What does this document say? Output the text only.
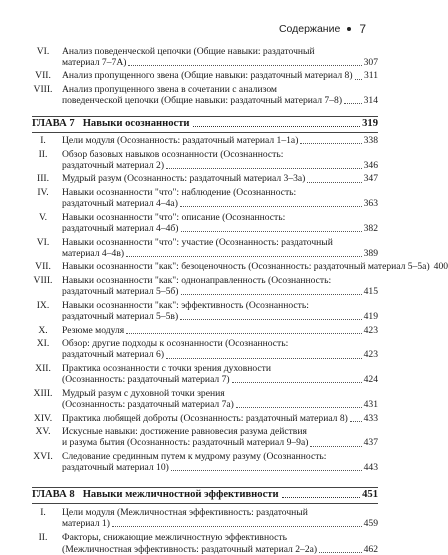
Содержание 7
VI.	Анализ поведенческой цепочки (Общие навыки: раздаточный
материал 7–7А)	307
VII.	Анализ пропущенного звена (Общие навыки: раздаточный материал 8) 311
VIII. Анализ пропущенного звена в сочетании с анализом
поведенческой цепочки (Общие навыки: раздаточный материал 7–8) 314
ГЛАВА 7 Навыки осознанности	319
I.	Цели модуля (Осознанность: раздаточный материал 1–1а)	338
II.	Обзор базовых навыков осознанности (Осознанность:
раздаточный материал 2)	346
III.	Мудрый разум (Осознанность: раздаточный материал 3–3а)	347
IV.	Навыки осознанности "что": наблюдение (Осознанность:
раздаточный материал 4–4а)	363
V.	Навыки осознанности "что": описание (Осознанность:
раздаточный материал 4–4б)	382
VI.	Навыки осознанности "что": участие (Осознанность: раздаточный
материал 4–4в)	389
VII.	Навыки осознанности "как": безоценочность (Осознанность: раздаточный материал 5–5а) 400
VIII. Навыки осознанности "как": однонаправленность (Осознанность:
раздаточный материал 5–5б)	415
IX.	Навыки осознанности "как": эффективность (Осознанность:
раздаточный материал 5–5в)	419
X.	Резюме модуля	423
XI.	Обзор: другие подходы к осознанности (Осознанность:
раздаточный материал 6)	423
XII.	Практика осознанности с точки зрения духовности
(Осознанность: раздаточный материал 7)	424
XIII. Мудрый разум с духовной точки зрения
(Осознанность: раздаточный материал 7а)	431
XIV. Практика любящей доброты (Осознанность: раздаточный материал 8) 433
XV.	Искусные навыки: достижение равновесия разума действия
и разума бытия (Осознанность: раздаточный материал 9–9а)	437
XVI. Следование срединным путем к мудрому разуму (Осознанность:
раздаточный материал 10)	443
ГЛАВА 8 Навыки межличностной эффективности	451
I.	Цели модуля (Межличностная эффективность: раздаточный
материал 1)	459
II.	Факторы, снижающие межличностную эффективность
(Межличностная эффективность: раздаточный материал 2–2а)	462
